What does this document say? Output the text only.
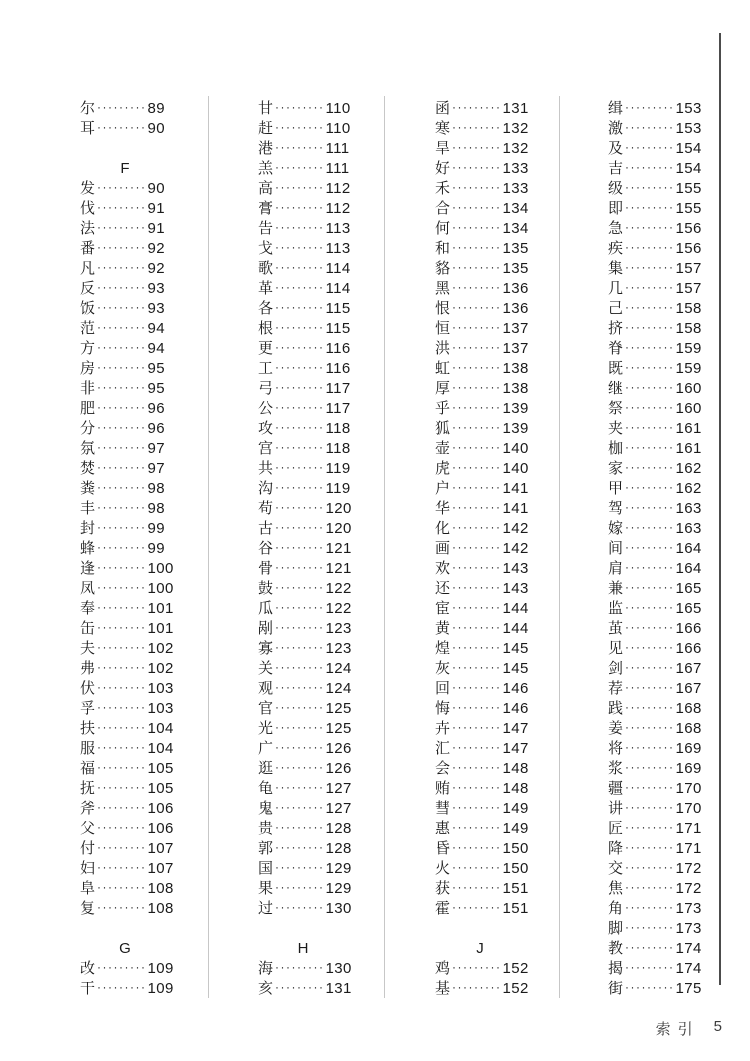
尔 ········· 89
耳 ········· 90
F
发 ········· 90
伐 ········· 91
法 ········· 91
番 ········· 92
凡 ········· 92
反 ········· 93
饭 ········· 93
范 ········· 94
方 ········· 94
房 ········· 95
非 ········· 95
肥 ········· 96
分 ········· 96
氛 ········· 97
焚 ········· 97
粪 ········· 98
丰 ········· 98
封 ········· 99
蜂 ········· 99
逢 ········· 100
凤 ········· 100
奉 ········· 101
缶 ········· 101
夫 ········· 102
弗 ········· 102
伏 ········· 103
孚 ········· 103
扶 ········· 104
服 ········· 104
福 ········· 105
抚 ········· 105
斧 ········· 106
父 ········· 106
付 ········· 107
妇 ········· 107
阜 ········· 108
复 ········· 108
G
改 ········· 109
干 ········· 109
甘 ········· 110
赶 ········· 110
港 ········· 111
羔 ········· 111
高 ········· 112
膏 ········· 112
告 ········· 113
戈 ········· 113
歌 ········· 114
革 ········· 114
各 ········· 115
根 ········· 115
更 ········· 116
工 ········· 116
弓 ········· 117
公 ········· 117
攻 ········· 118
宫 ········· 118
共 ········· 119
沟 ········· 119
苟 ········· 120
古 ········· 120
谷 ········· 121
骨 ········· 121
鼓 ········· 122
瓜 ········· 122
剐 ········· 123
寡 ········· 123
关 ········· 124
观 ········· 124
官 ········· 125
光 ········· 125
广 ········· 126
逛 ········· 126
龟 ········· 127
鬼 ········· 127
贵 ········· 128
郭 ········· 128
国 ········· 129
果 ········· 129
过 ········· 130
H
海 ········· 130
亥 ········· 131
函 ········· 131
寒 ········· 132
旱 ········· 132
好 ········· 133
禾 ········· 133
合 ········· 134
何 ········· 134
和 ········· 135
貉 ········· 135
黑 ········· 136
恨 ········· 136
恒 ········· 137
洪 ········· 137
虹 ········· 138
厚 ········· 138
乎 ········· 139
狐 ········· 139
壶 ········· 140
虎 ········· 140
户 ········· 141
华 ········· 141
化 ········· 142
画 ········· 142
欢 ········· 143
还 ········· 143
宦 ········· 144
黄 ········· 144
煌 ········· 145
灰 ········· 145
回 ········· 146
悔 ········· 146
卉 ········· 147
汇 ········· 147
会 ········· 148
贿 ········· 148
彗 ········· 149
惠 ········· 149
昏 ········· 150
火 ········· 150
获 ········· 151
霍 ········· 151
J
鸡 ········· 152
基 ········· 152
缉 ········· 153
激 ········· 153
及 ········· 154
吉 ········· 154
级 ········· 155
即 ········· 155
急 ········· 156
疾 ········· 156
集 ········· 157
几 ········· 157
己 ········· 158
挤 ········· 158
脊 ········· 159
既 ········· 159
继 ········· 160
祭 ········· 160
夹 ········· 161
枷 ········· 161
家 ········· 162
甲 ········· 162
驾 ········· 163
嫁 ········· 163
间 ········· 164
肩 ········· 164
兼 ········· 165
监 ········· 165
茧 ········· 166
见 ········· 166
剑 ········· 167
荐 ········· 167
践 ········· 168
姜 ········· 168
将 ········· 169
浆 ········· 169
疆 ········· 170
讲 ········· 170
匠 ········· 171
降 ········· 171
交 ········· 172
焦 ········· 172
角 ········· 173
脚 ········· 173
教 ········· 174
揭 ········· 174
街 ········· 175
索引 5
